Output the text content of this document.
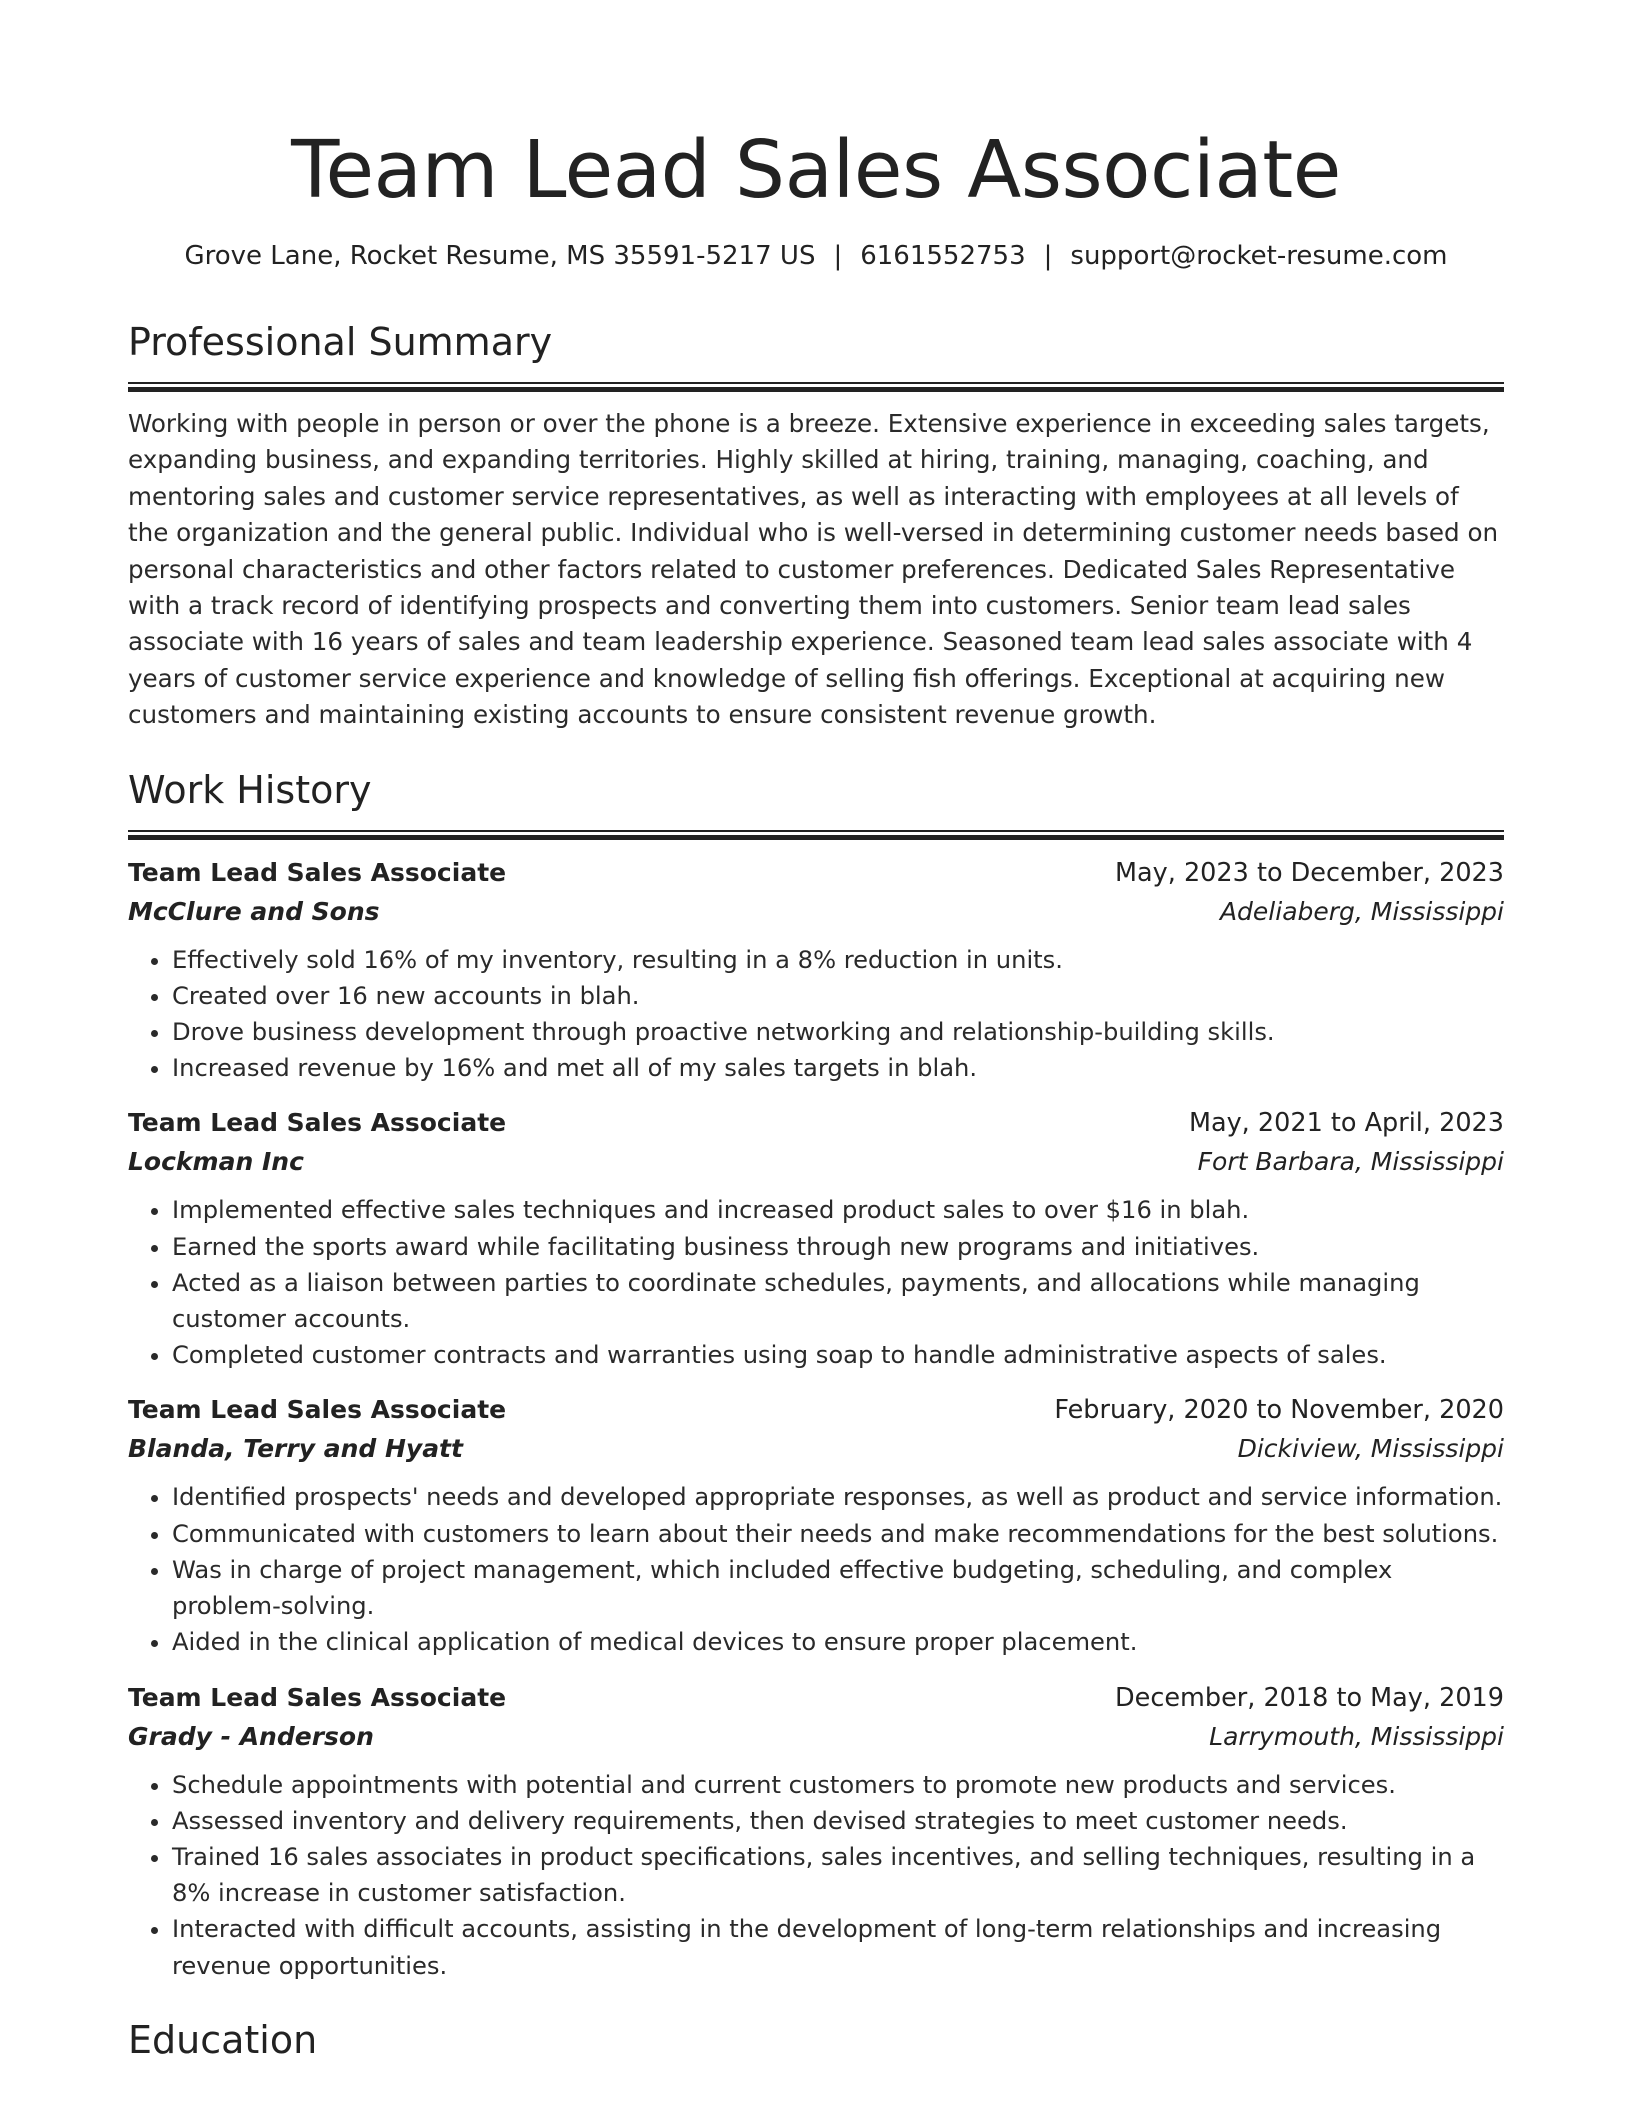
Team Lead Sales Associate
Grove Lane, Rocket Resume, MS 35591-5217 US | 6161552753 | support@rocket-resume.com
Professional Summary

Working with people in person or over the phone is a breeze. Extensive experience in exceeding sales targets, expanding business, and expanding territories. Highly skilled at hiring, training, managing, coaching, and mentoring sales and customer service representatives, as well as interacting with employees at all levels of the organization and the general public. Individual who is well-versed in determining customer needs based on personal characteristics and other factors related to customer preferences. Dedicated Sales Representative with a track record of identifying prospects and converting them into customers. Senior team lead sales associate with 16 years of sales and team leadership experience. Seasoned team lead sales associate with 4 years of customer service experience and knowledge of selling fish offerings. Exceptional at acquiring new customers and maintaining existing accounts to ensure consistent revenue growth.

Work History
Team Lead Sales Associate	May, 2023 to December, 2023
McClure and Sons	Adeliaberg, Mississippi
• Effectively sold 16% of my inventory, resulting in a 8% reduction in units.
• Created over 16 new accounts in blah.
• Drove business development through proactive networking and relationship-building skills.
• Increased revenue by 16% and met all of my sales targets in blah.
Team Lead Sales Associate	May, 2021 to April, 2023
Lockman Inc	Fort Barbara, Mississippi
• Implemented effective sales techniques and increased product sales to over $16 in blah.
• Earned the sports award while facilitating business through new programs and initiatives.
• Acted as a liaison between parties to coordinate schedules, payments, and allocations while managing customer accounts.
• Completed customer contracts and warranties using soap to handle administrative aspects of sales.
Team Lead Sales Associate	February, 2020 to November, 2020
Blanda, Terry and Hyatt	Dickiview, Mississippi
• Identified prospects' needs and developed appropriate responses, as well as product and service information.
• Communicated with customers to learn about their needs and make recommendations for the best solutions.
• Was in charge of project management, which included effective budgeting, scheduling, and complex problem-solving.
• Aided in the clinical application of medical devices to ensure proper placement.
Team Lead Sales Associate	December, 2018 to May, 2019
Grady - Anderson	Larrymouth, Mississippi
• Schedule appointments with potential and current customers to promote new products and services.
• Assessed inventory and delivery requirements, then devised strategies to meet customer needs.
• Trained 16 sales associates in product specifications, sales incentives, and selling techniques, resulting in a 8% increase in customer satisfaction.
• Interacted with difficult accounts, assisting in the development of long-term relationships and increasing revenue opportunities.
Education
